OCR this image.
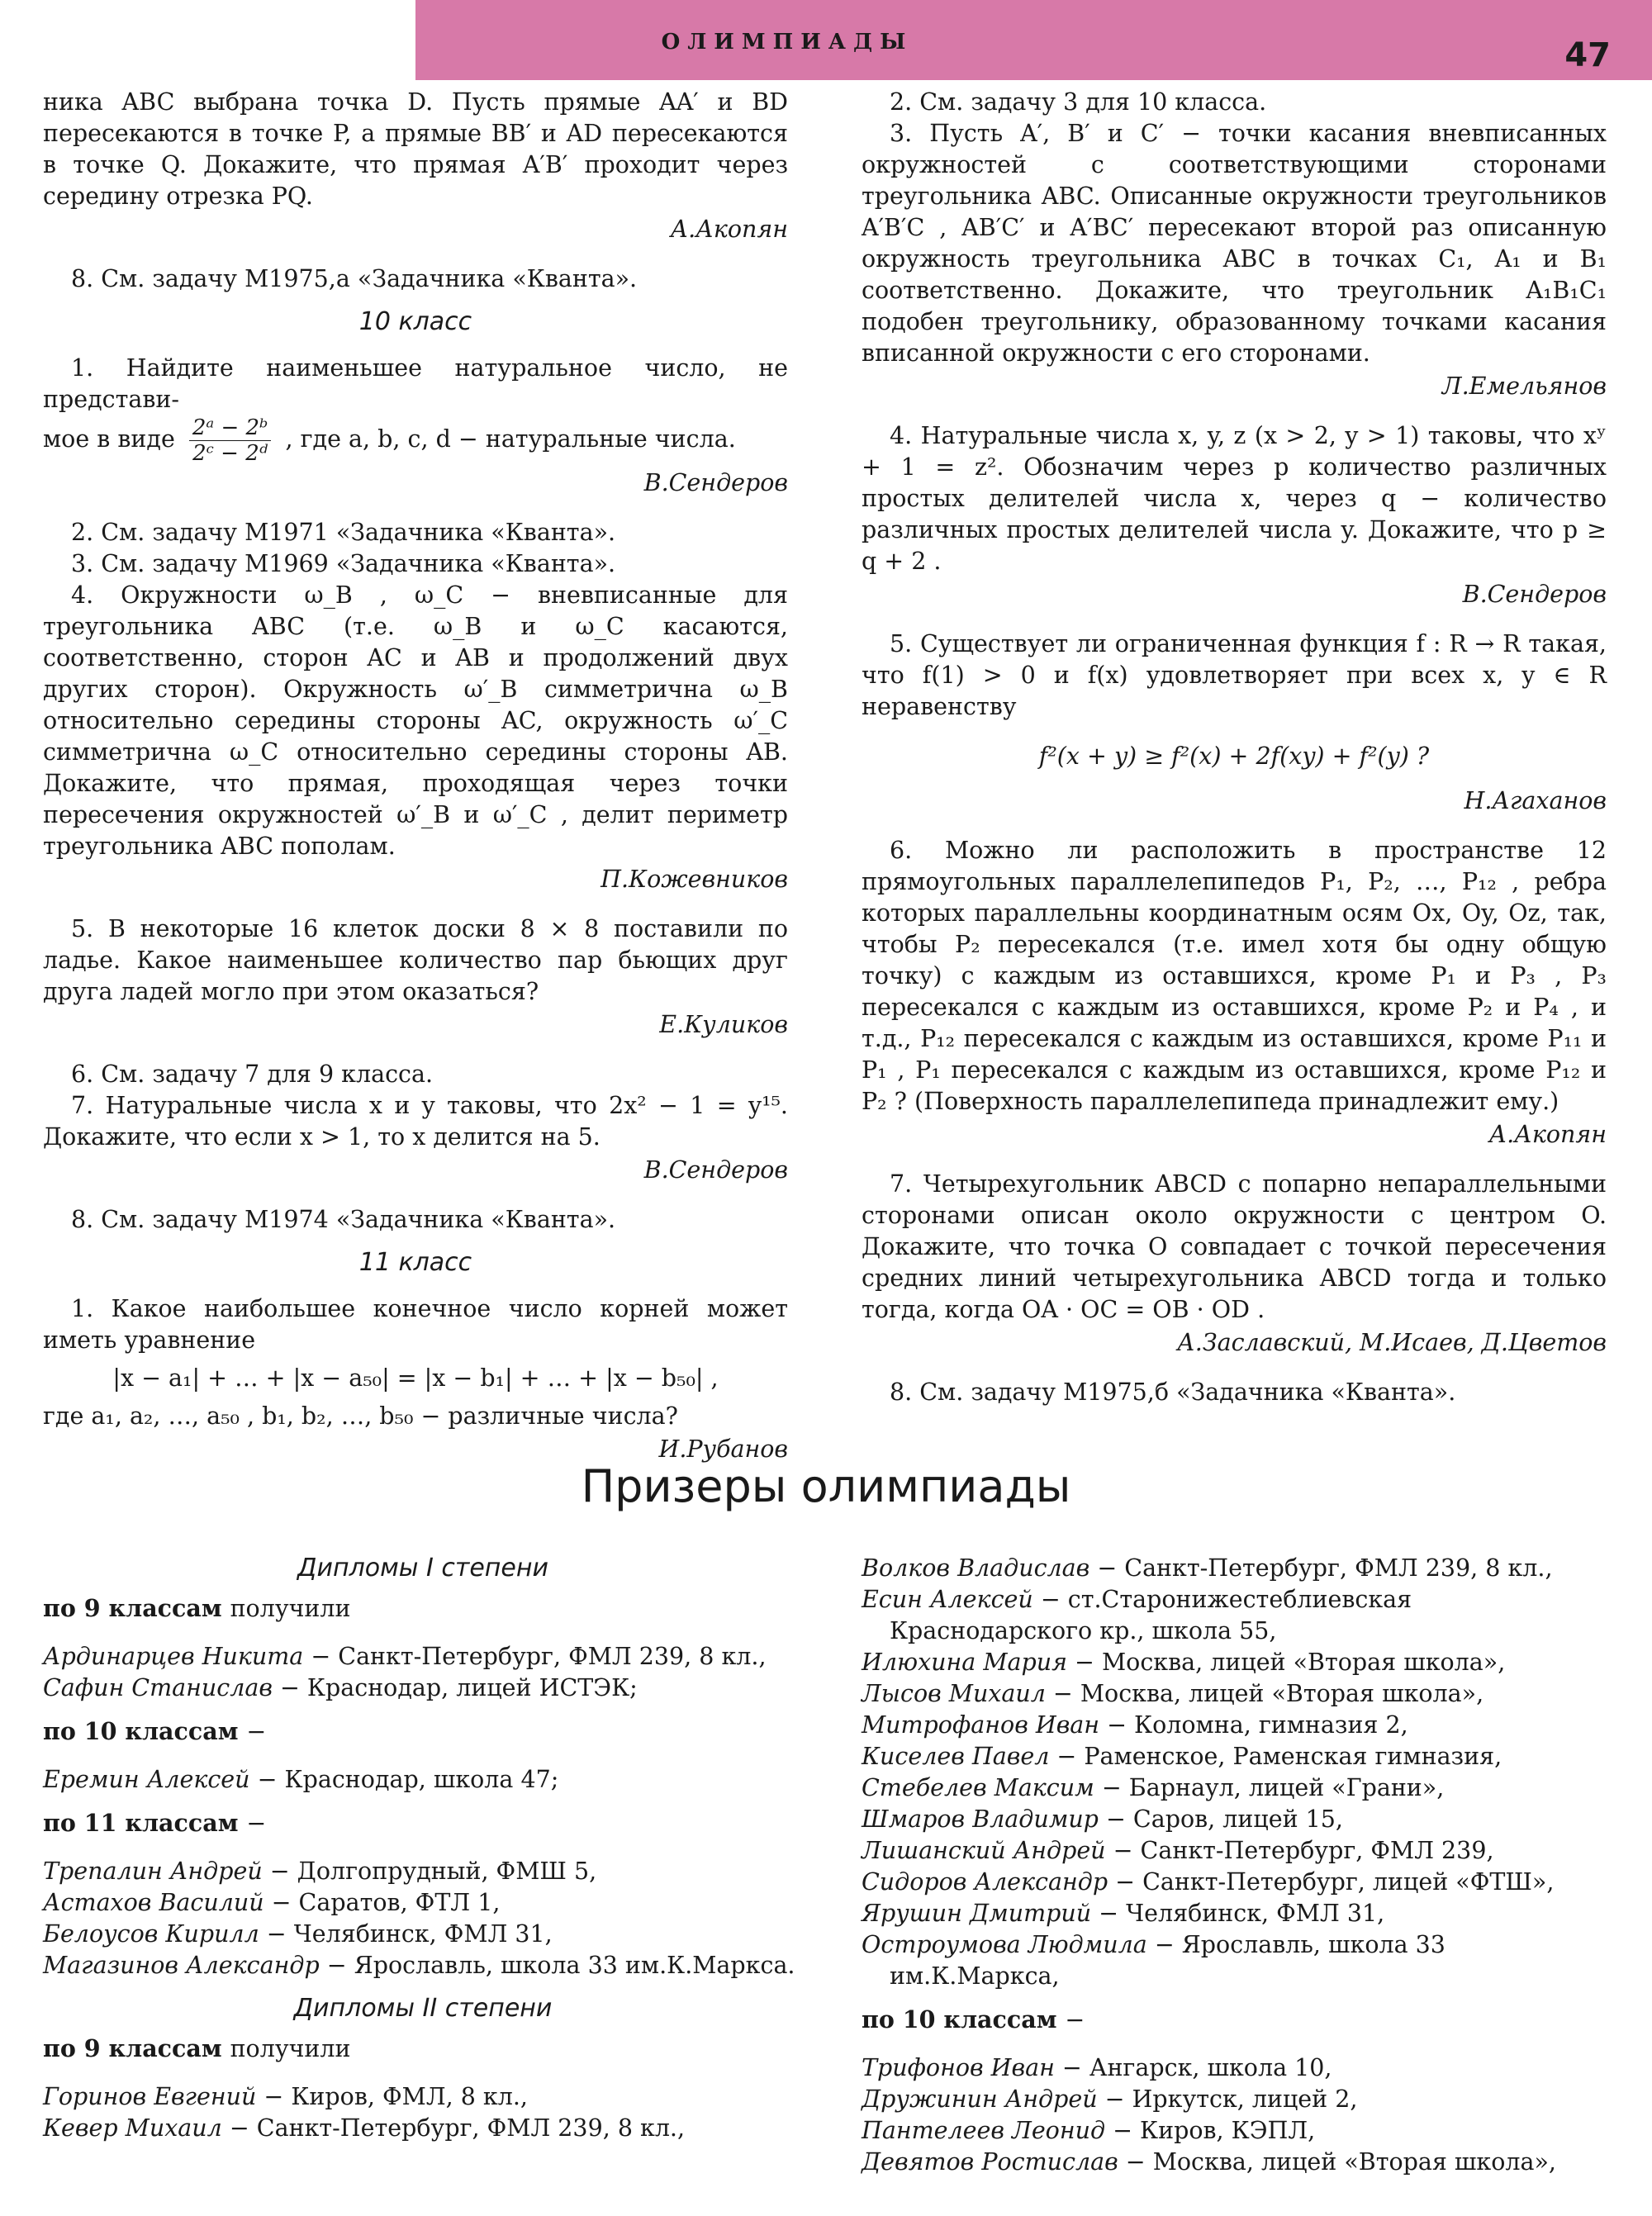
ОЛИМПИАДЫ	47

ника ABC выбрана точка D. Пусть прямые AA′ и BD пересекаются в точке P, а прямые BB′ и AD пересекаются в точке Q. Докажите, что прямая A′B′ проходит через середину отрезка PQ.

А.Акопян

8. См. задачу М1975,а «Задачника «Кванта».

10 класс

1. Найдите наименьшее натуральное число, не представи-

мое в виде $\frac{\text{2ᵃ − 2ᵇ}}{\text{2ᶜ − 2ᵈ}}$ , где a, b, c, d − натуральные числа.

В.Сендеров

2. См. задачу М1971 «Задачника «Кванта».

3. См. задачу М1969 «Задачника «Кванта».

4. Окружности ω_B , ω_C − вневписанные для треугольника ABC (т.е. ω_B и ω_C касаются, соответственно, сторон AC и AB и продолжений двух других сторон). Окружность ω′_B симметрична ω_B относительно середины стороны AC, окружность ω′_C симметрична ω_C относительно середины стороны AB. Докажите, что прямая, проходящая через точки пересечения окружностей ω′_B и ω′_C , делит периметр треугольника ABC пополам.

П.Кожевников

5. В некоторые 16 клеток доски 8 × 8 поставили по ладье. Какое наименьшее количество пар бьющих друг друга ладей могло при этом оказаться?

Е.Куликов

6. См. задачу 7 для 9 класса.

7. Натуральные числа x и y таковы, что 2x² − 1 = y¹⁵. Докажите, что если x > 1, то x делится на 5.

В.Сендеров

8. См. задачу М1974 «Задачника «Кванта».

11 класс

1. Какое наибольшее конечное число корней может иметь уравнение

|x − a₁| + … + |x − a₅₀| = |x − b₁| + … + |x − b₅₀| ,

где a₁, a₂, …, a₅₀ , b₁, b₂, …, b₅₀ − различные числа?

И.Рубанов

2. См. задачу 3 для 10 класса.

3. Пусть A′, B′ и C′ − точки касания вневписанных окружностей с соответствующими сторонами треугольника ABC. Описанные окружности треугольников A′B′C , AB′C′ и A′BC′ пересекают второй раз описанную окружность треугольника ABC в точках C₁, A₁ и B₁ соответственно. Докажите, что треугольник A₁B₁C₁ подобен треугольнику, образованному точками касания вписанной окружности с его сторонами.

Л.Емельянов

4. Натуральные числа x, y, z (x > 2, y > 1) таковы, что xʸ + 1 = z². Обозначим через p количество различных простых делителей числа x, через q − количество различных простых делителей числа y. Докажите, что p ≥ q + 2 .

В.Сендеров

5. Существует ли ограниченная функция f : R → R такая, что f(1) > 0 и f(x) удовлетворяет при всех x, y ∈ R неравенству

f²(x + y) ≥ f²(x) + 2f(xy) + f²(y) ?
Н.Агаханов

6. Можно ли расположить в пространстве 12 прямоугольных параллелепипедов P₁, P₂, …, P₁₂ , ребра которых параллельны координатным осям Ox, Oy, Oz, так, чтобы P₂ пересекался (т.е. имел хотя бы одну общую точку) с каждым из оставшихся, кроме P₁ и P₃ , P₃ пересекался с каждым из оставшихся, кроме P₂ и P₄ , и т.д., P₁₂ пересекался с каждым из оставшихся, кроме P₁₁ и P₁ , P₁ пересекался с каждым из оставшихся, кроме P₁₂ и P₂ ? (Поверхность параллелепипеда принадлежит ему.)

А.Акопян

7. Четырехугольник ABCD с попарно непараллельными сторонами описан около окружности с центром O. Докажите, что точка O совпадает с точкой пересечения средних линий четырехугольника ABCD тогда и только тогда, когда OA · OC = OB · OD .

А.Заславский, М.Исаев, Д.Цветов

8. См. задачу М1975,б «Задачника «Кванта».

Призеры олимпиады
Дипломы I степени

по 9 классам получили

Ардинарцев Никита − Санкт-Петербург, ФМЛ 239, 8 кл.,

Сафин Станислав − Краснодар, лицей ИСТЭК;

по 10 классам −

Еремин Алексей − Краснодар, школа 47;

по 11 классам −

Трепалин Андрей − Долгопрудный, ФМШ 5,

Астахов Василий − Саратов, ФТЛ 1,

Белоусов Кирилл − Челябинск, ФМЛ 31,

Магазинов Александр − Ярославль, школа 33 им.К.Маркса.

Дипломы II степени

по 9 классам получили

Горинов Евгений − Киров, ФМЛ, 8 кл.,

Кевер Михаил − Санкт-Петербург, ФМЛ 239, 8 кл.,

Волков Владислав − Санкт-Петербург, ФМЛ 239, 8 кл.,

Есин Алексей − ст.Старонижестеблиевская Краснодарского кр., школа 55,

Илюхина Мария − Москва, лицей «Вторая школа»,

Лысов Михаил − Москва, лицей «Вторая школа»,

Митрофанов Иван − Коломна, гимназия 2,

Киселев Павел − Раменское, Раменская гимназия,

Стебелев Максим − Барнаул, лицей «Грани»,

Шмаров Владимир − Саров, лицей 15,

Лишанский Андрей − Санкт-Петербург, ФМЛ 239,

Сидоров Александр − Санкт-Петербург, лицей «ФТШ»,

Ярушин Дмитрий − Челябинск, ФМЛ 31,

Остроумова Людмила − Ярославль, школа 33 им.К.Маркса,

по 10 классам −

Трифонов Иван − Ангарск, школа 10,

Дружинин Андрей − Иркутск, лицей 2,

Пантелеев Леонид − Киров, КЭПЛ,

Девятов Ростислав − Москва, лицей «Вторая школа»,
